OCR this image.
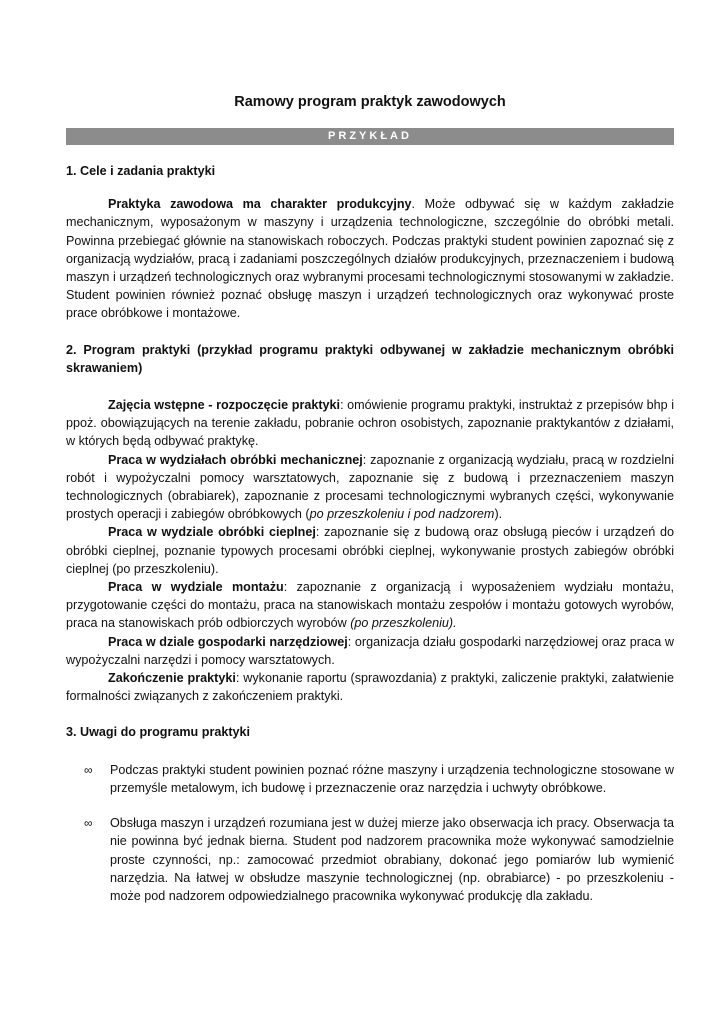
Ramowy program praktyk zawodowych
PRZYKŁAD
1. Cele i zadania praktyki

Praktyka zawodowa ma charakter produkcyjny. Może odbywać się w każdym zakładzie mechanicznym, wyposażonym w maszyny i urządzenia technologiczne, szczególnie do obróbki metali. Powinna przebiegać głównie na stanowiskach roboczych. Podczas praktyki student powinien zapoznać się z organizacją wydziałów, pracą i zadaniami poszczególnych działów produkcyjnych, przeznaczeniem i budową maszyn i urządzeń technologicznych oraz wybranymi procesami technologicznymi stosowanymi w zakładzie. Student powinien również poznać obsługę maszyn i urządzeń technologicznych oraz wykonywać proste prace obróbkowe i montażowe.

2. Program praktyki (przykład programu praktyki odbywanej w zakładzie mechanicznym obróbki skrawaniem)

Zajęcia wstępne - rozpoczęcie praktyki: omówienie programu praktyki, instruktaż z przepisów bhp i ppoż. obowiązujących na terenie zakładu, pobranie ochron osobistych, zapoznanie praktykantów z działami, w których będą odbywać praktykę.

Praca w wydziałach obróbki mechanicznej: zapoznanie z organizacją wydziału, pracą w rozdzielni robót i wypożyczalni pomocy warsztatowych, zapoznanie się z budową i przeznaczeniem maszyn technologicznych (obrabiarek), zapoznanie z procesami technologicznymi wybranych części, wykonywanie prostych operacji i zabiegów obróbkowych (po przeszkoleniu i pod nadzorem).

Praca w wydziale obróbki cieplnej: zapoznanie się z budową oraz obsługą pieców i urządzeń do obróbki cieplnej, poznanie typowych procesami obróbki cieplnej, wykonywanie prostych zabiegów obróbki cieplnej (po przeszkoleniu).

Praca w wydziale montażu: zapoznanie z organizacją i wyposażeniem wydziału montażu, przygotowanie części do montażu, praca na stanowiskach montażu zespołów i montażu gotowych wyrobów, praca na stanowiskach prób odbiorczych wyrobów (po przeszkoleniu).

Praca w dziale gospodarki narzędziowej: organizacja działu gospodarki narzędziowej oraz praca w wypożyczalni narzędzi i pomocy warsztatowych.

Zakończenie praktyki: wykonanie raportu (sprawozdania) z praktyki, zaliczenie praktyki, załatwienie formalności związanych z zakończeniem praktyki.

3. Uwagi do programu praktyki
∞ Podczas praktyki student powinien poznać różne maszyny i urządzenia technologiczne stosowane w przemyśle metalowym, ich budowę i przeznaczenie oraz narzędzia i uchwyty obróbkowe.
∞ Obsługa maszyn i urządzeń rozumiana jest w dużej mierze jako obserwacja ich pracy. Obserwacja ta nie powinna być jednak bierna. Student pod nadzorem pracownika może wykonywać samodzielnie proste czynności, np.: zamocować przedmiot obrabiany, dokonać jego pomiarów lub wymienić narzędzia. Na łatwej w obsłudze maszynie technologicznej (np. obrabiarce) - po przeszkoleniu - może pod nadzorem odpowiedzialnego pracownika wykonywać produkcję dla zakładu.
